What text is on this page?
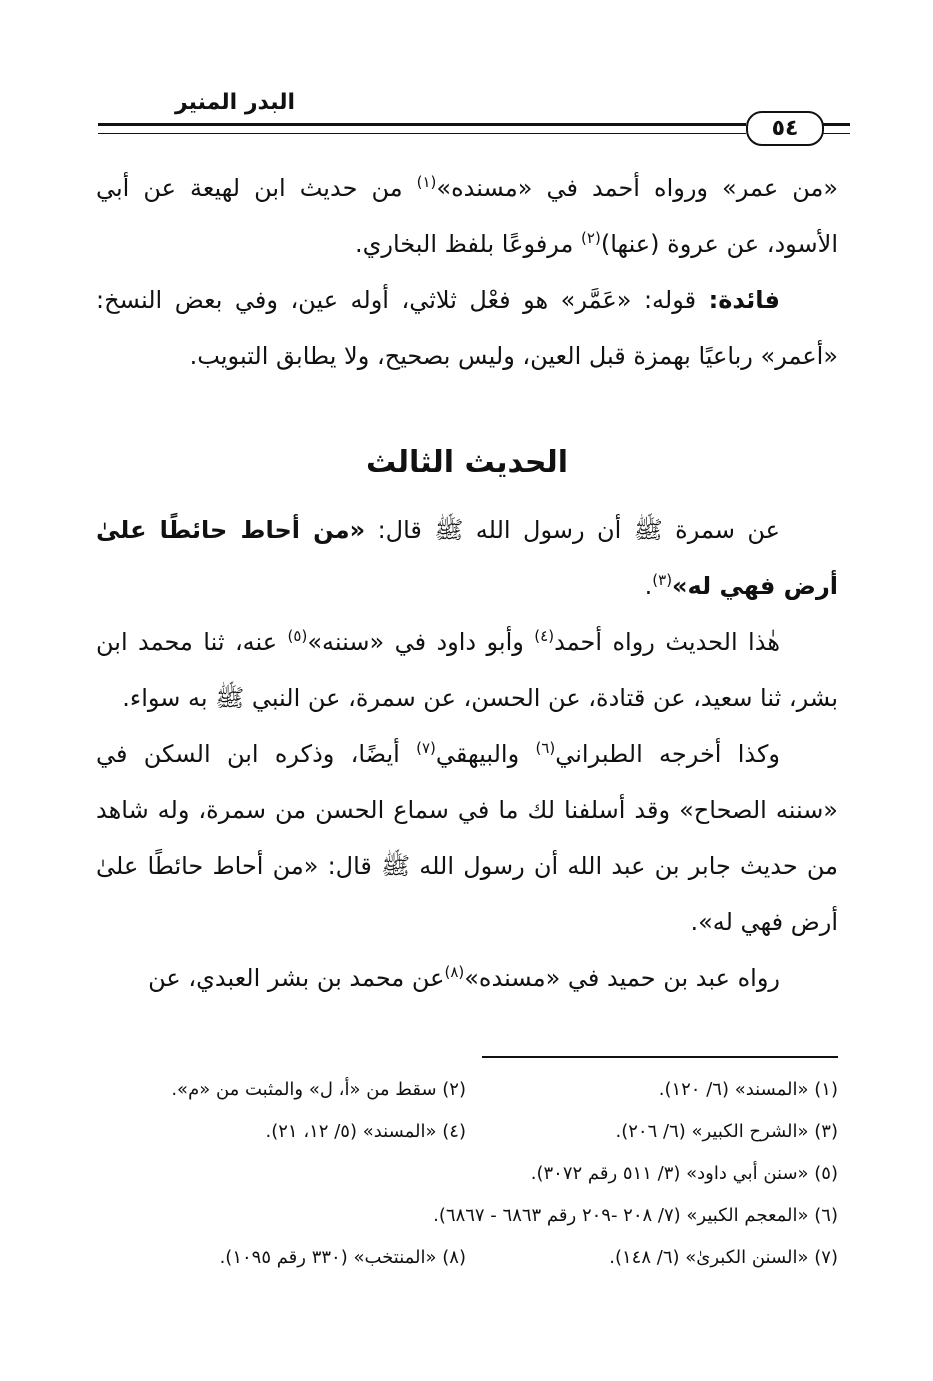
البدر المنير
٥٤

«من عمر» ورواه أحمد في «مسنده»$^{(١)}$ من حديث ابن لهيعة عن أبي الأسود، عن عروة (عنها)$^{(٢)}$ مرفوعًا بلفظ البخاري.

فائدة: قوله: «عَمَّر» هو فعْل ثلاثي، أوله عين، وفي بعض النسخ: «أعمر» رباعيًا بهمزة قبل العين، وليس بصحيح، ولا يطابق التبويب.

الحديث الثالث

عن سمرة ﷺ أن رسول الله ﷺ قال: «من أحاط حائطًا علىٰ أرض فهي له»$^{(٣)}$.

هٰذا الحديث رواه أحمد$^{(٤)}$ وأبو داود في «سننه»$^{(٥)}$ عنه، ثنا محمد ابن بشر، ثنا سعيد، عن قتادة، عن الحسن، عن سمرة، عن النبي ﷺ به سواء.

وكذا أخرجه الطبراني$^{(٦)}$ والبيهقي$^{(٧)}$ أيضًا، وذكره ابن السكن في «سننه الصحاح» وقد أسلفنا لك ما في سماع الحسن من سمرة، وله شاهد من حديث جابر بن عبد الله أن رسول الله ﷺ قال: «من أحاط حائطًا علىٰ أرض فهي له».

رواه عبد بن حميد في «مسنده»$^{(٨)}$عن محمد بن بشر العبدي، عن

(١) «المسند» (٦/ ١٢٠).
(٢) سقط من «أ، ل» والمثبت من «م».
(٣) «الشرح الكبير» (٦/ ٢٠٦).
(٤) «المسند» (٥/ ١٢، ٢١).
(٥) «سنن أبي داود» (٣/ ٥١١ رقم ٣٠٧٢).
(٦) «المعجم الكبير» (٧/ ٢٠٨ -٢٠٩ رقم ٦٨٦٣ - ٦٨٦٧).
(٧) «السنن الكبرىٰ» (٦/ ١٤٨).
(٨) «المنتخب» (٣٣٠ رقم ١٠٩٥).
